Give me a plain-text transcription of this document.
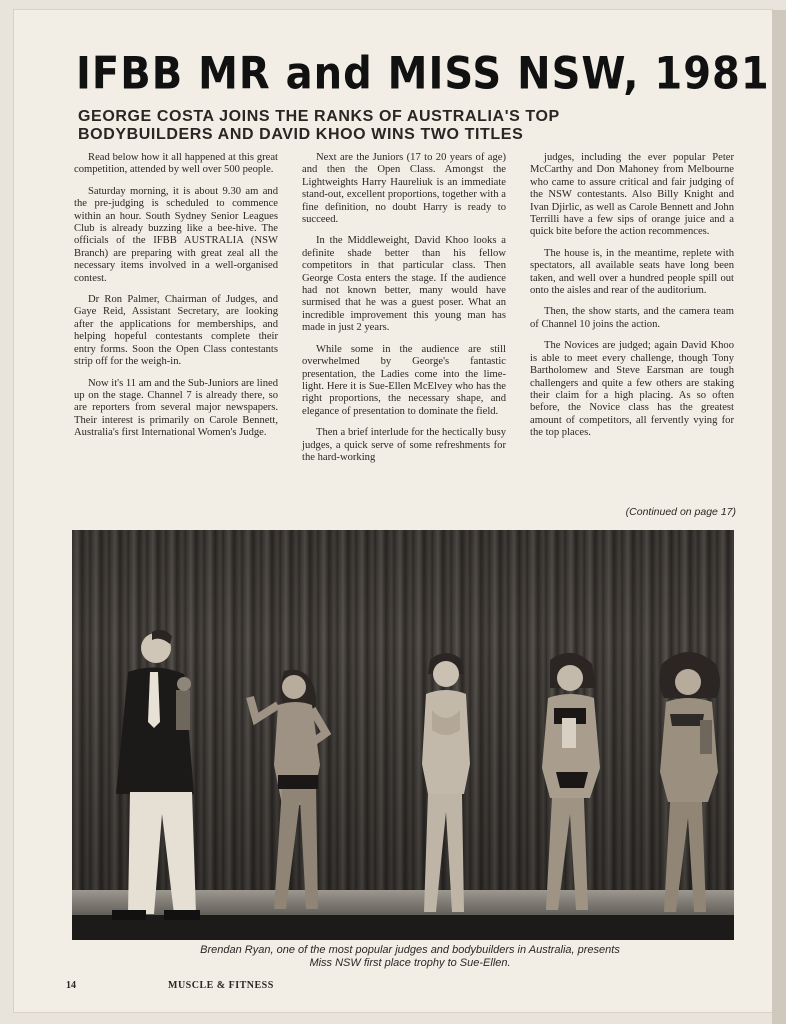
IFBB MR and MISS NSW, 1981
GEORGE COSTA JOINS THE RANKS OF AUSTRALIA'S TOP
BODYBUILDERS AND DAVID KHOO WINS TWO TITLES

Read below how it all happened at this great competition, attended by well over 500 people.

Saturday morning, it is about 9.30 am and the pre-judging is scheduled to commence within an hour. South Sydney Senior Leagues Club is already buzzing like a bee-hive. The officials of the IFBB AUSTRALIA (NSW Branch) are preparing with great zeal all the necessary items involved in a well-organised contest.

Dr Ron Palmer, Chairman of Judges, and Gaye Reid, Assistant Secretary, are looking after the applications for memberships, and helping hopeful contestants complete their entry forms. Soon the Open Class contestants strip off for the weigh-in.

Now it's 11 am and the Sub-Juniors are lined up on the stage. Channel 7 is already there, so are reporters from several major newspapers. Their interest is primarily on Carole Bennett, Australia's first International Women's Judge.

Next are the Juniors (17 to 20 years of age) and then the Open Class. Amongst the Lightweights Harry Haureliuk is an immediate stand-out, excellent proportions, together with a fine definition, no doubt Harry is ready to succeed.

In the Middleweight, David Khoo looks a definite shade better than his fellow competitors in that particular class. Then George Costa enters the stage. If the audience had not known better, many would have surmised that he was a guest poser. What an incredible improvement this young man has made in just 2 years.

While some in the audience are still overwhelmed by George's fantastic presentation, the Ladies come into the lime-light. Here it is Sue-Ellen McElvey who has the right proportions, the necessary shape, and elegance of presentation to dominate the field.

Then a brief interlude for the hectically busy judges, a quick serve of some refreshments for the hard-working

judges, including the ever popular Peter McCarthy and Don Mahoney from Melbourne who came to assure critical and fair judging of the NSW contestants. Also Billy Knight and Ivan Djirlic, as well as Carole Bennett and John Terrilli have a few sips of orange juice and a quick bite before the action recommences.

The house is, in the meantime, replete with spectators, all available seats have long been taken, and well over a hundred people spill out onto the aisles and rear of the auditorium.

Then, the show starts, and the camera team of Channel 10 joins the action.

The Novices are judged; again David Khoo is able to meet every challenge, though Tony Bartholomew and Steve Earsman are tough challengers and quite a few others are staking their claim for a high placing. As so often before, the Novice class has the greatest amount of competitors, all fervently vying for the top places.

(Continued on page 17)
Brendan Ryan, one of the most popular judges and bodybuilders in Australia, presents
Miss NSW first place trophy to Sue-Ellen.
14	MUSCLE & FITNESS
